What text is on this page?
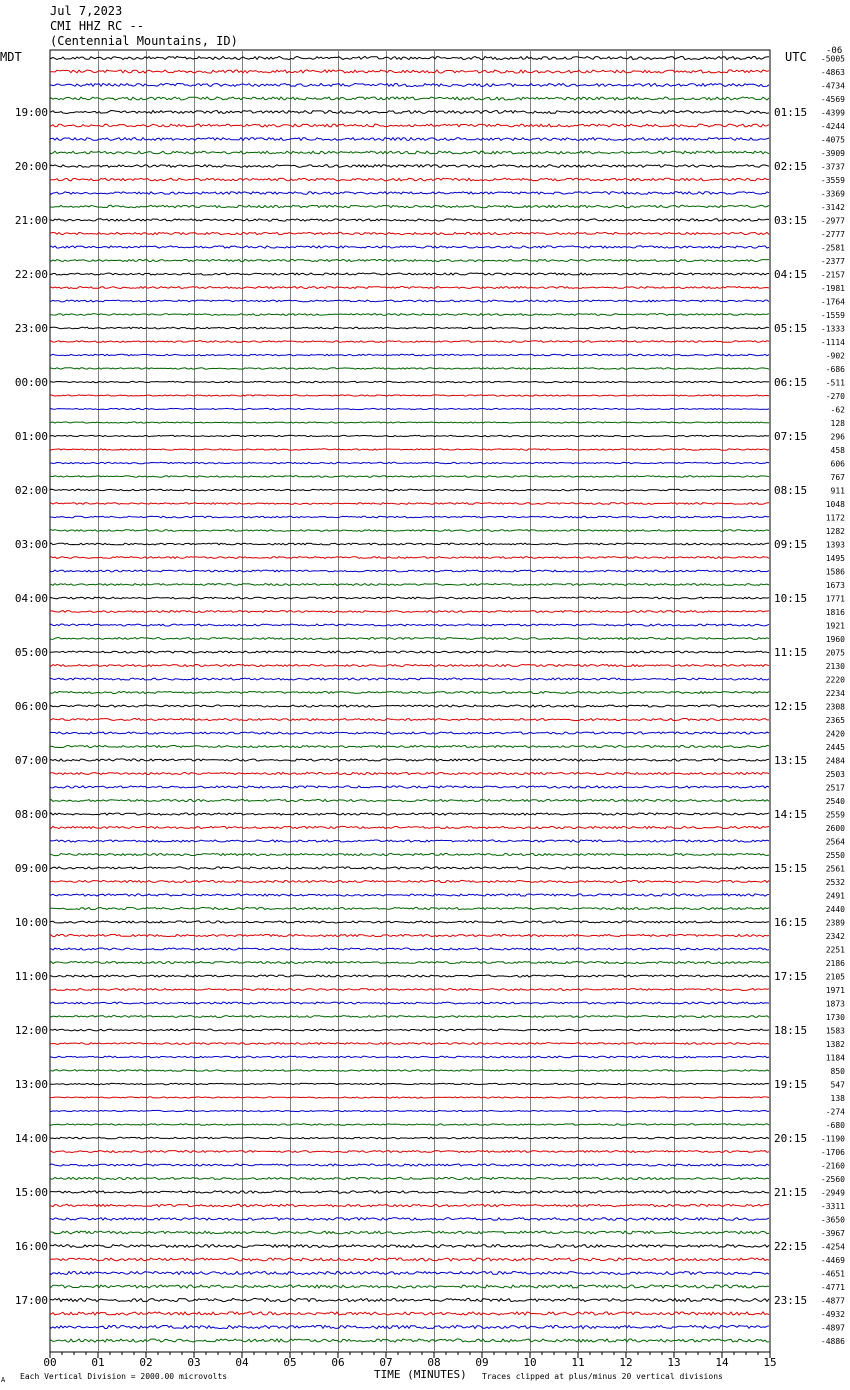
Jul 7,2023
CMI HHZ RC --
(Centennial Mountains, ID)
MDT	UTC -06
-5005
-4863
-4734
-4569
-4399
-4244
-4075
-3909
-3737
-3559
-3369
-3142
-2977
-2777
-2581
-2377
-2157
-1981
-1764
-1559
-1333
-1114
-902
-686
-511
-270
-62
128
296
458
606
767
911
1048
1172
1282
1393
1495
1586
1673
1771
1816
1921
1960
2075
2130
2220
2234
2308
2365
2420
2445
2484
2503
2517
2540
2559
2600
2564
2550
2561
2532
2491
2440
2389
2342
2251
2186
2105
1971
1873
1730
1583
1382
1184
850
547
138
-274
-680
-1190
-1706
-2160
-2560
-2949
-3311
-3650
-3967
-4254
-4469
-4651
-4771
-4877
-4932
-4897
-4886
19:00	01:15
20:00	02:15
21:00	03:15
22:00	04:15
23:00	05:15
00:00	06:15
01:00	07:15
02:00	08:15
03:00	09:15
04:00	10:15
05:00	11:15
06:00	12:15
07:00	13:15
08:00	14:15
09:00	15:15
10:00	16:15
11:00	17:15
12:00	18:15
13:00	19:15
14:00	20:15
15:00	21:15
16:00	22:15
17:00	23:15
00	01	02	03	04	05	06	07	08	09	10	11	12	13	14	15
A Each Vertical Division = 2000.00 microvolts	TIME (MINUTES) Traces clipped at plus/minus 20 vertical divisions
